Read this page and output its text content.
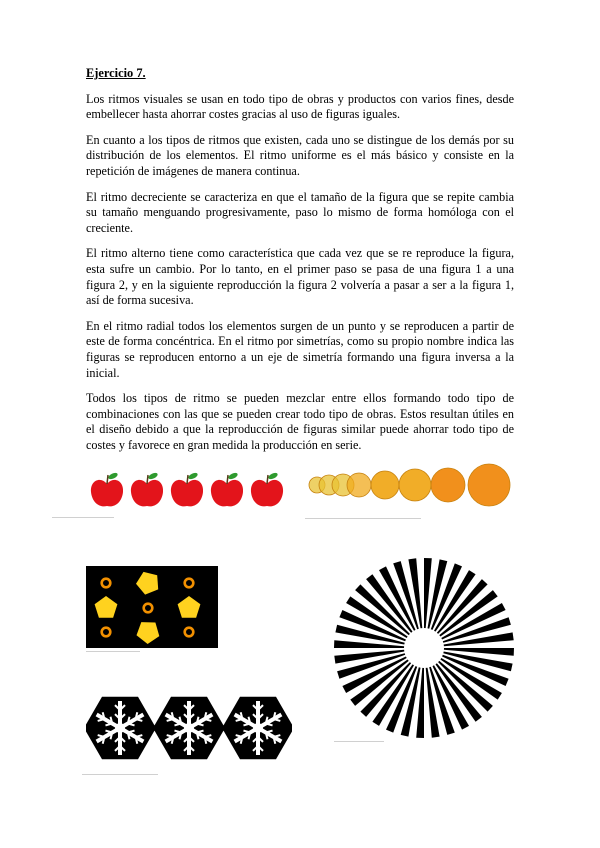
Ejercicio 7.

Los ritmos visuales se usan en todo tipo de obras y productos con varios fines, desde embellecer hasta ahorrar costes gracias al uso de figuras iguales.

En cuanto a los tipos de ritmos que existen, cada uno se distingue de los demás por su distribución de los elementos. El ritmo uniforme es el más básico y consiste en la repetición de imágenes de manera continua.

El ritmo decreciente se caracteriza en que el tamaño de la figura que se repite cambia su tamaño menguando progresivamente, paso lo mismo de forma homóloga con el creciente.

El ritmo alterno tiene como característica que cada vez que se re reproduce la figura, esta sufre un cambio. Por lo tanto, en el primer paso se pasa de una figura 1 a una figura 2, y en la siguiente reproducción la figura 2 volvería a pasar a ser a la figura 1, así de forma sucesiva.

En el ritmo radial todos los elementos surgen de un punto y se reproducen a partir de este de forma concéntrica. En el ritmo por simetrías, como su propio nombre indica las figuras se reproducen entorno a un eje de simetría formando una figura inversa a la inicial.

Todos los tipos de ritmo se pueden mezclar entre ellos formando todo tipo de combinaciones con las que se pueden crear todo tipo de obras. Estos resultan útiles en el diseño debido a que la reproducción de figuras similar puede ahorrar todo tipo de costes y favorece en gran medida la producción en serie.
